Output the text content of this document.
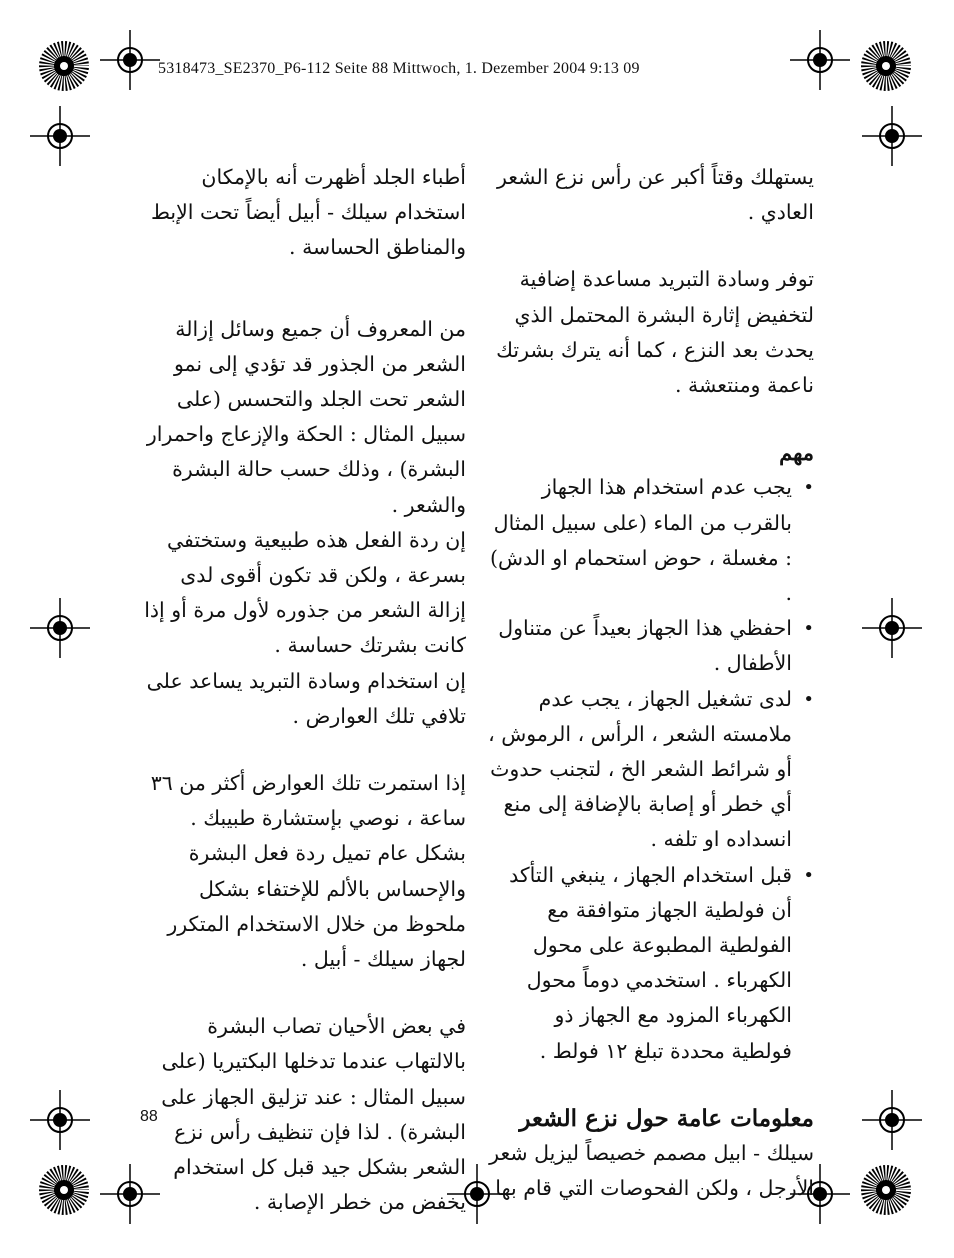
5318473_SE2370_P6-112 Seite 88 Mittwoch, 1. Dezember 2004 9:13 09

يستهلك وقتاً أكبر عن رأس نزع الشعر العادي .

توفر وسادة التبريد مساعدة إضافية لتخفيض إثارة البشرة المحتمل الذي يحدث بعد النزع ، كما أنه يترك بشرتك ناعمة ومنتعشة .

مهم

• يجب عدم استخدام هذا الجهاز بالقرب من الماء (على سبيل المثال : مغسلة ، حوض استحمام او الدش) .
• احفظي هذا الجهاز بعيداً عن متناول الأطفال .
• لدى تشغيل الجهاز ، يجب عدم ملامسته الشعر ، الرأس ، الرموش ، أو شرائط الشعر الخ ، لتجنب حدوث أي خطر أو إصابة بالإضافة إلى منع انسداده او تلفه .
• قبل استخدام الجهاز ، ينبغي التأكد أن فولطية الجهاز متوافقة مع الفولطية المطبوعة على محول الكهرباء . استخدمي دوماً محول الكهرباء المزود مع الجهاز ذو فولطية محددة تبلغ ١٢ فولط .

معلومات عامة حول نزع الشعر

سيلك - ابيل مصمم خصيصاً ليزيل شعر الأرجل ، ولكن الفحوصات التي قام بها

أطباء الجلد أظهرت أنه بالإمكان استخدام سيلك - أبيل أيضاً تحت الإبط والمناطق الحساسة .

من المعروف أن جميع وسائل إزالة الشعر من الجذور قد تؤدي إلى نمو الشعر تحت الجلد والتحسس (على سبيل المثال : الحكة والإزعاج واحمرار البشرة) ، وذلك حسب حالة البشرة والشعر .

إن ردة الفعل هذه طبيعية وستختفي بسرعة ، ولكن قد تكون أقوى لدى إزالة الشعر من جذوره لأول مرة أو إذا كانت بشرتك حساسة .

إن استخدام وسادة التبريد يساعد على تلافي تلك العوارض .

إذا استمرت تلك العوارض أكثر من ٣٦ ساعة ، نوصي بإستشارة طبيبك .

بشكل عام تميل ردة فعل البشرة والإحساس بالألم للإختفاء بشكل ملحوظ من خلال الاستخدام المتكرر لجهاز سيلك - أبيل .

في بعض الأحيان تصاب البشرة بالالتهاب عندما تدخلها البكتيريا (على سبيل المثال : عند تزليق الجهاز على البشرة) . لذا فإن تنظيف رأس نزع الشعر بشكل جيد قبل كل استخدام يخفض من خطر الإصابة .

88
